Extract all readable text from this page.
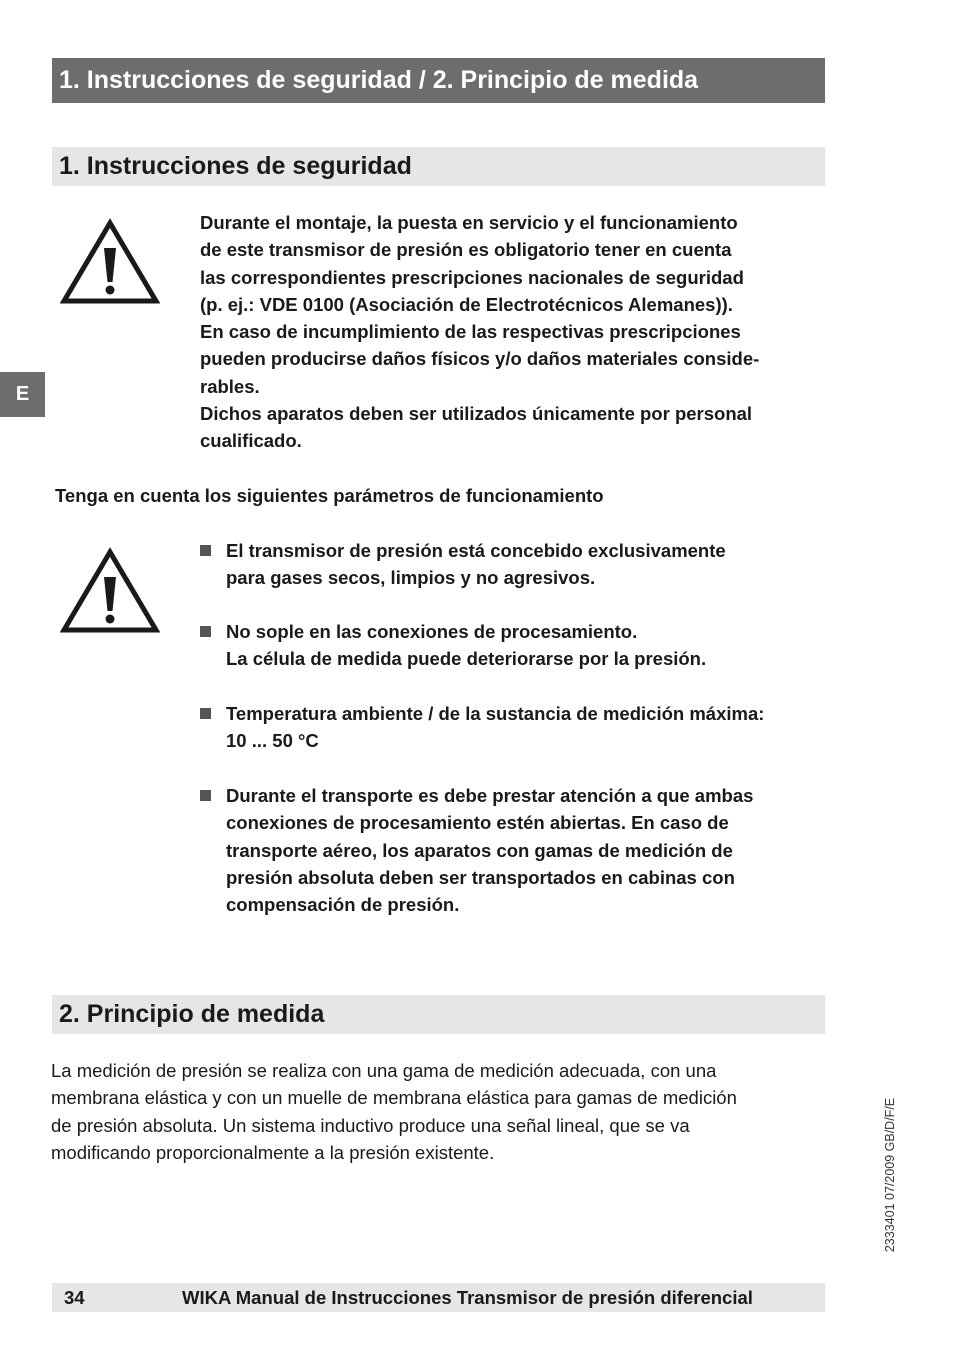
1. Instrucciones de seguridad / 2. Principio de medida
1. Instrucciones de seguridad
E
Durante el montaje, la puesta en servicio y el funcionamiento
de este transmisor de presión es obligatorio tener en cuenta
las correspondientes prescripciones nacionales de seguridad
(p. ej.: VDE 0100 (Asociación de Electrotécnicos Alemanes)).
En caso de incumplimiento de las respectivas prescripciones
pueden producirse daños físicos y/o daños materiales conside-
rables.
Dichos aparatos deben ser utilizados únicamente por personal
cualificado.
Tenga en cuenta los siguientes parámetros de funcionamiento
El transmisor de presión está concebido exclusivamente
para gases secos, limpios y no agresivos.
No sople en las conexiones de procesamiento.
La célula de medida puede deteriorarse por la presión.
Temperatura ambiente / de la sustancia de medición máxima:
10 ... 50 °C
Durante el transporte es debe prestar atención a que ambas
conexiones de procesamiento estén abiertas. En caso de
transporte aéreo, los aparatos con gamas de medición de
presión absoluta deben ser transportados en cabinas con
compensación de presión.
2. Principio de medida
La medición de presión se realiza con una gama de medición adecuada, con una
membrana elástica y con un muelle de membrana elástica para gamas de medición
de presión absoluta. Un sistema inductivo produce una señal lineal, que se va
modificando proporcionalmente a la presión existente.	2333401 07/2009 GB/D/F/E
34	WIKA Manual de Instrucciones Transmisor de presión diferencial
